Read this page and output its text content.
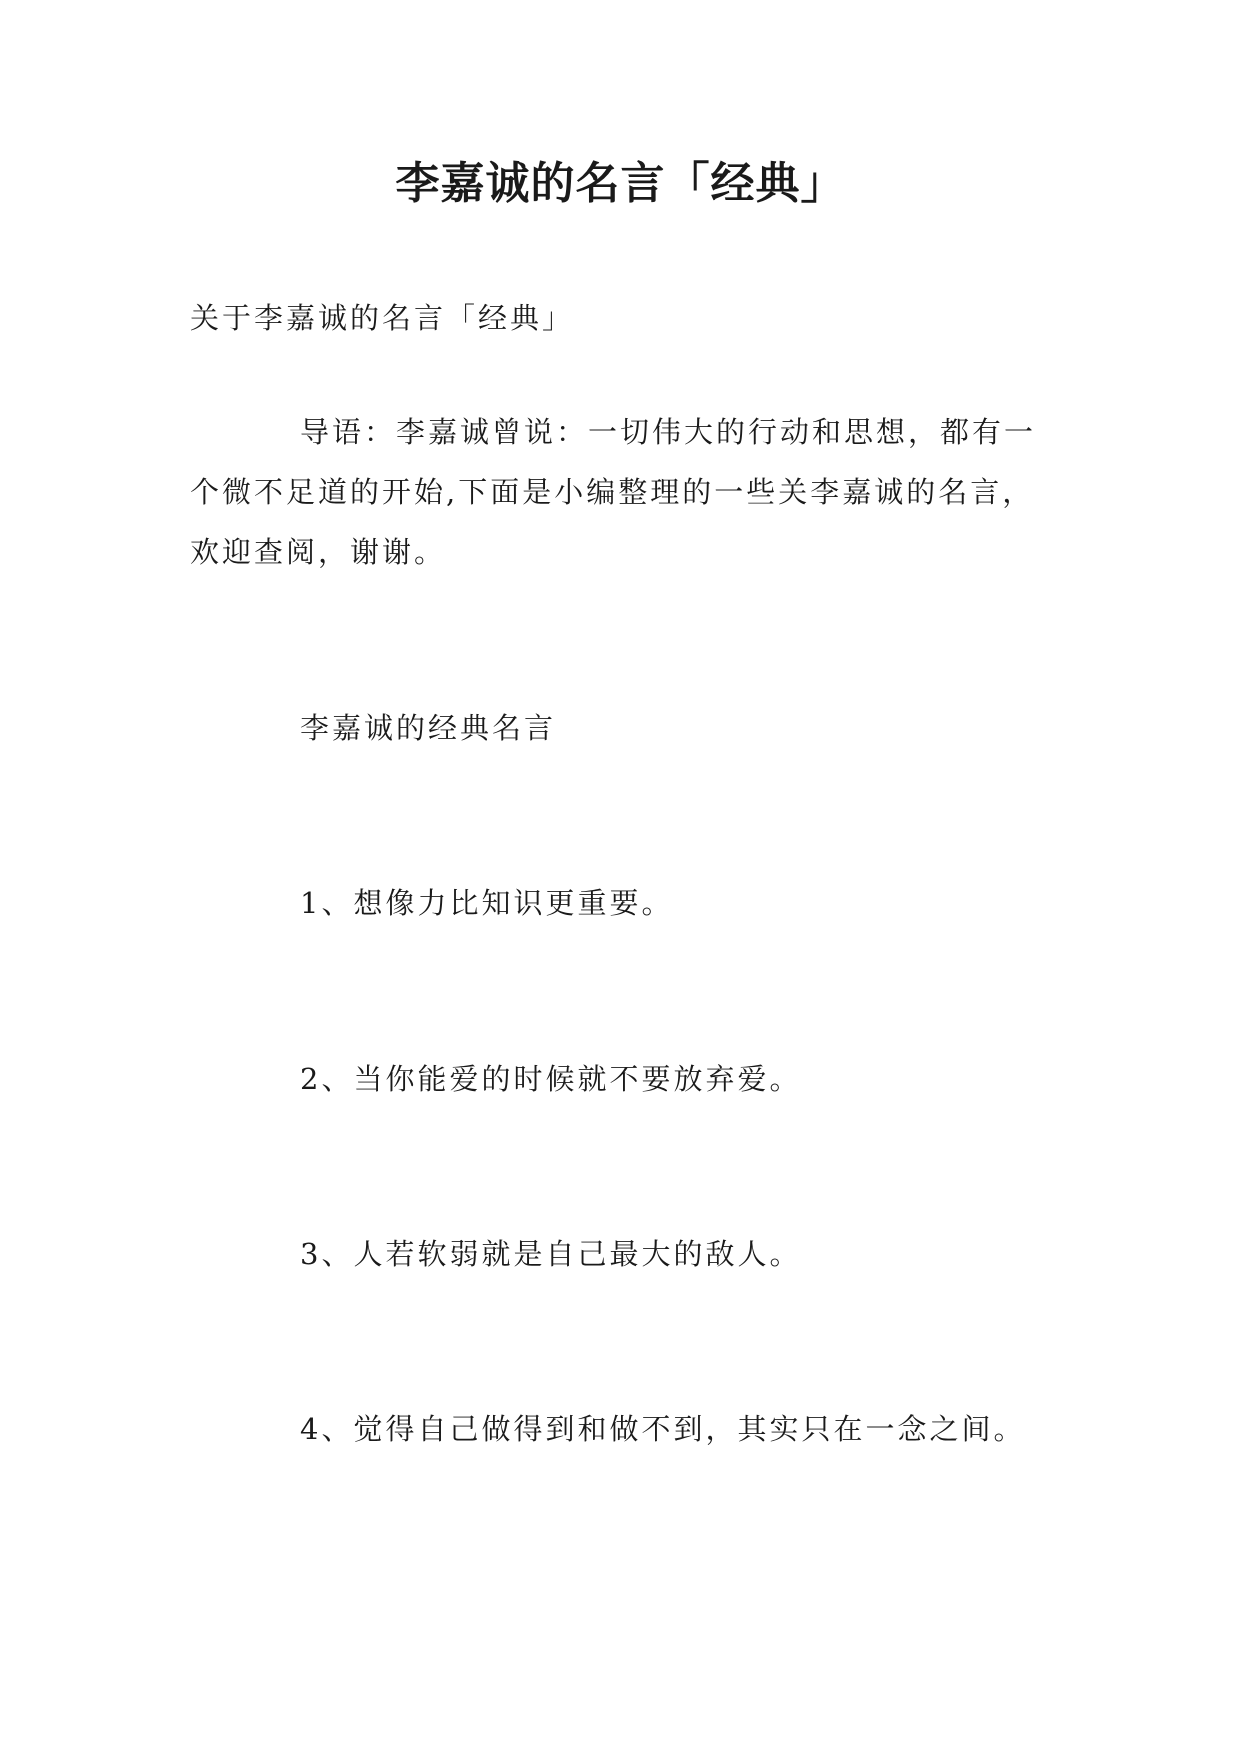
李嘉诚的名言「经典」

关于李嘉诚的名言「经典」

导语：李嘉诚曾说：一切伟大的行动和思想，都有一
个微不足道的开始,下面是小编整理的一些关李嘉诚的名言，
欢迎查阅，谢谢。

李嘉诚的经典名言

1、想像力比知识更重要。

2、当你能爱的时候就不要放弃爱。

3、人若软弱就是自己最大的敌人。

4、觉得自己做得到和做不到，其实只在一念之间。
